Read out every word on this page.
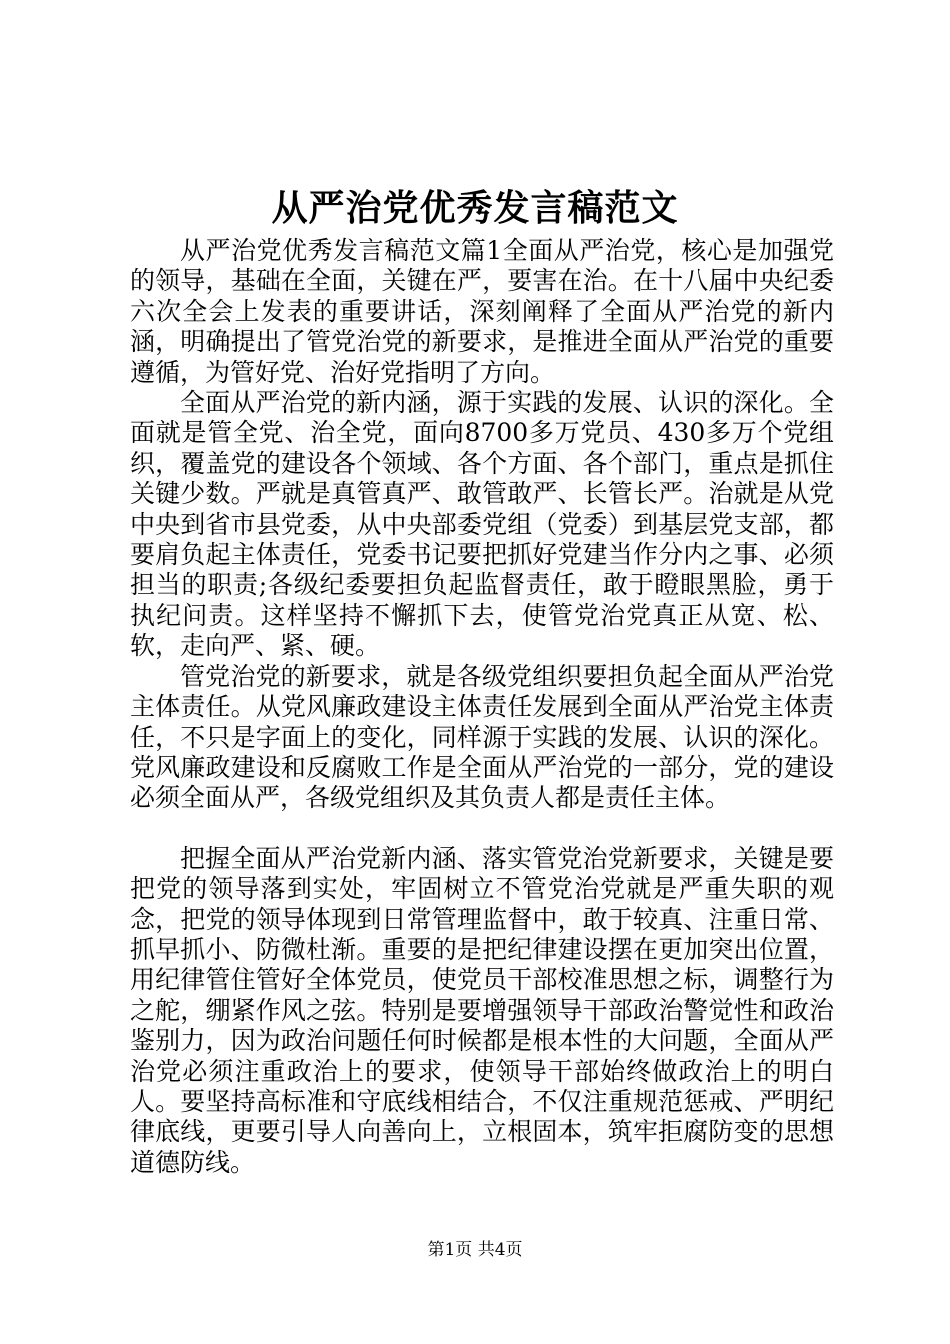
从严治党优秀发言稿范文

从严治党优秀发言稿范文篇1全面从严治党，核心是加强党的领导，基础在全面，关键在严，要害在治。在十八届中央纪委六次全会上发表的重要讲话，深刻阐释了全面从严治党的新内涵，明确提出了管党治党的新要求，是推进全面从严治党的重要遵循，为管好党、治好党指明了方向。

全面从严治党的新内涵，源于实践的发展、认识的深化。全面就是管全党、治全党，面向8700多万党员、430多万个党组织，覆盖党的建设各个领域、各个方面、各个部门，重点是抓住关键少数。严就是真管真严、敢管敢严、长管长严。治就是从党中央到省市县党委，从中央部委党组（党委）到基层党支部，都要肩负起主体责任，党委书记要把抓好党建当作分内之事、必须担当的职责;各级纪委要担负起监督责任，敢于瞪眼黑脸，勇于执纪问责。这样坚持不懈抓下去，使管党治党真正从宽、松、软，走向严、紧、硬。

管党治党的新要求，就是各级党组织要担负起全面从严治党主体责任。从党风廉政建设主体责任发展到全面从严治党主体责任，不只是字面上的变化，同样源于实践的发展、认识的深化。党风廉政建设和反腐败工作是全面从严治党的一部分，党的建设必须全面从严，各级党组织及其负责人都是责任主体。

把握全面从严治党新内涵、落实管党治党新要求，关键是要把党的领导落到实处，牢固树立不管党治党就是严重失职的观念，把党的领导体现到日常管理监督中，敢于较真、注重日常、抓早抓小、防微杜渐。重要的是把纪律建设摆在更加突出位置，用纪律管住管好全体党员，使党员干部校准思想之标，调整行为之舵，绷紧作风之弦。特别是要增强领导干部政治警觉性和政治鉴别力，因为政治问题任何时候都是根本性的大问题，全面从严治党必须注重政治上的要求，使领导干部始终做政治上的明白人。要坚持高标准和守底线相结合，不仅注重规范惩戒、严明纪律底线，更要引导人向善向上，立根固本，筑牢拒腐防变的思想道德防线。

第1页 共4页
